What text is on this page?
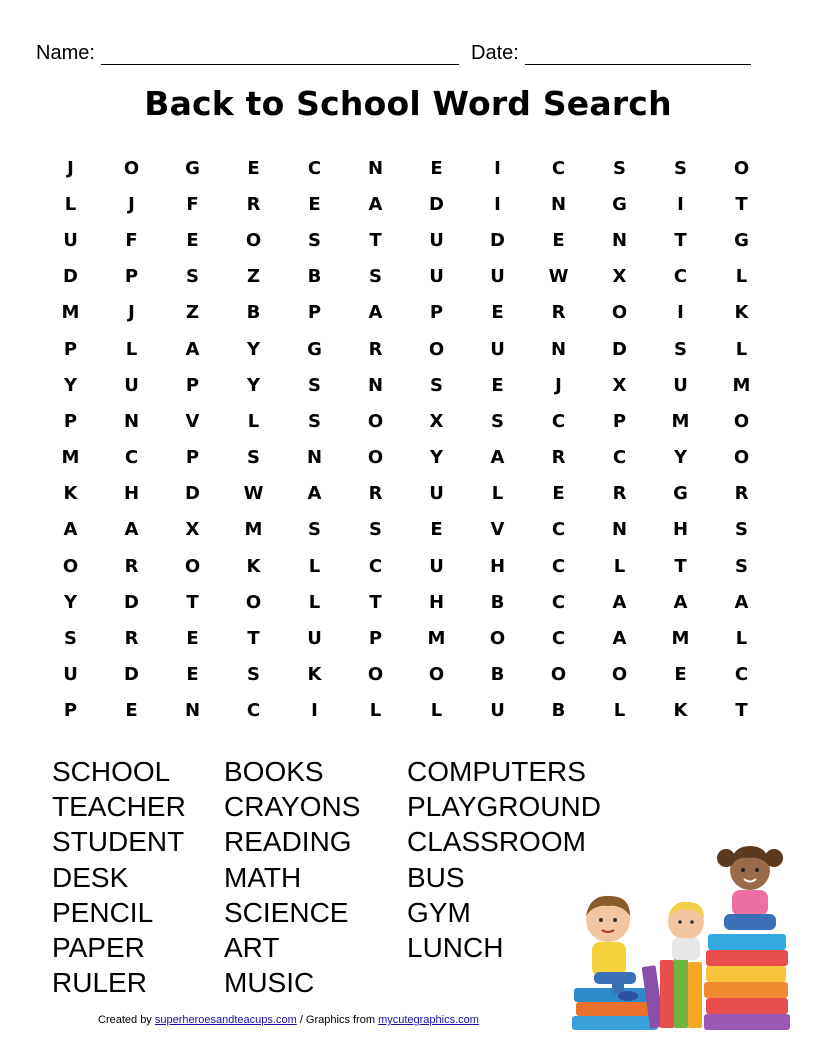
Name:	Date:
Back to School Word Search
J	O	G	E	C	N	E	I	C	S	S	O
L	J	F	R	E	A	D	I	N	G	I	T
U	F	E	O	S	T	U	D	E	N	T	G
D	P	S	Z	B	S	U	U	W	X	C	L
M	J	Z	B	P	A	P	E	R	O	I	K
P	L	A	Y	G	R	O	U	N	D	S	L
Y	U	P	Y	S	N	S	E	J	X	U	M
P	N	V	L	S	O	X	S	C	P	M	O
M	C	P	S	N	O	Y	A	R	C	Y	O
K	H	D	W	A	R	U	L	E	R	G	R
A	A	X	M	S	S	E	V	C	N	H	S
O	R	O	K	L	C	U	H	C	L	T	S
Y	D	T	O	L	T	H	B	C	A	A	A
S	R	E	T	U	P	M	O	C	A	M	L
U	D	E	S	K	O	O	B	O	O	E	C
P	E	N	C	I	L	L	U	B	L	K	T
SCHOOL
TEACHER
STUDENT
DESK
PENCIL
PAPER
RULER
BOOKS
CRAYONS
READING
MATH
SCIENCE
ART
MUSIC
COMPUTERS
PLAYGROUND
CLASSROOM
BUS
GYM
LUNCH
Created by superheroesandteacups.com / Graphics from mycutegraphics.com
